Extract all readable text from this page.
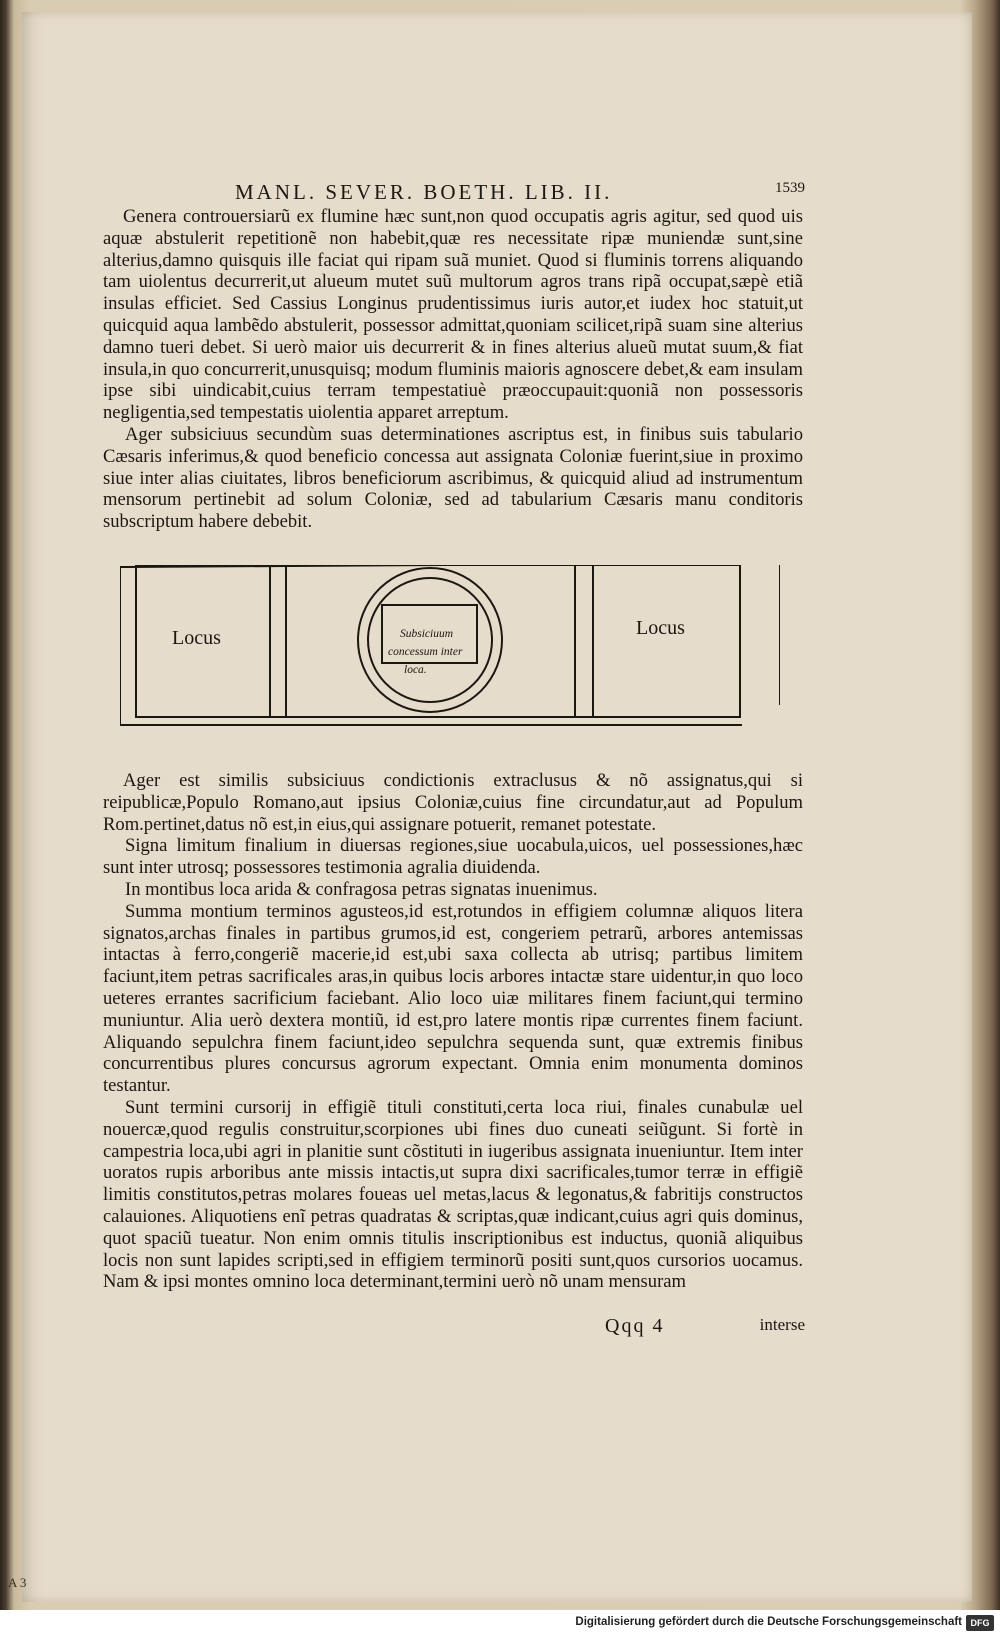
MANL. SEVER. BOETH. LIB. II.	1539

Genera controuersiarũ ex flumine hæc sunt,non quod occupatis agris agitur, sed quod uis aquæ abstulerit repetitionẽ non habebit,quæ res necessitate ripæ muniendæ sunt,sine alterius,damno quisquis ille faciat qui ripam suã muniet. Quod si fluminis torrens aliquando tam uiolentus decurrerit,ut alueum mutet suũ multorum agros trans ripã occupat,sæpè etiã insulas efficiet. Sed Cassius Longinus prudentissimus iuris autor,et iudex hoc statuit,ut quicquid aqua lambẽdo abstulerit, possessor admittat,quoniam scilicet,ripã suam sine alterius damno tueri debet. Si uerò maior uis decurrerit & in fines alterius alueũ mutat suum,& fiat insula,in quo concurrerit,unusquisq; modum fluminis maioris agnoscere debet,& eam insulam ipse sibi uindicabit,cuius terram tempestatiuè præoccupauit:quoniã non possessoris negligentia,sed tempestatis uiolentia apparet arreptum.

Ager subsiciuus secundùm suas determinationes ascriptus est, in finibus suis tabulario Cæsaris inferimus,& quod beneficio concessa aut assignata Coloniæ fuerint,siue in proximo siue inter alias ciuitates, libros beneficiorum ascribimus, & quicquid aliud ad instrumentum mensorum pertinebit ad solum Coloniæ, sed ad tabularium Cæsaris manu conditoris subscriptum habere debebit.

Locus	Locus
Subsiciuum
concessum inter
loca.

Ager est similis subsiciuus condictionis extraclusus & nõ assignatus,qui si reipublicæ,Populo Romano,aut ipsius Coloniæ,cuius fine circundatur,aut ad Populum Rom.pertinet,datus nõ est,in eius,qui assignare potuerit, remanet potestate.

Signa limitum finalium in diuersas regiones,siue uocabula,uicos, uel possessiones,hæc sunt inter utrosq; possessores testimonia agralia diuidenda.

In montibus loca arida & confragosa petras signatas inuenimus.

Summa montium terminos agusteos,id est,rotundos in effigiem columnæ aliquos litera signatos,archas finales in partibus grumos,id est, congeriem petrarũ, arbores antemissas intactas à ferro,congeriẽ macerie,id est,ubi saxa collecta ab utrisq; partibus limitem faciunt,item petras sacrificales aras,in quibus locis arbores intactæ stare uidentur,in quo loco ueteres errantes sacrificium faciebant. Alio loco uiæ militares finem faciunt,qui termino muniuntur. Alia uerò dextera montiũ, id est,pro latere montis ripæ currentes finem faciunt. Aliquando sepulchra finem faciunt,ideo sepulchra sequenda sunt, quæ extremis finibus concurrentibus plures concursus agrorum expectant. Omnia enim monumenta dominos testantur.

Sunt termini cursorij in effigiẽ tituli constituti,certa loca riui, finales cunabulæ uel nouercæ,quod regulis construitur,scorpiones ubi fines duo cuneati seiũgunt. Si fortè in campestria loca,ubi agri in planitie sunt cõstituti in iugeribus assignata inueniuntur. Item inter uoratos rupis arboribus ante missis intactis,ut supra dixi sacrificales,tumor terræ in effigiẽ limitis constitutos,petras molares foueas uel metas,lacus & legonatus,& fabritijs constructos calauiones. Aliquotiens enĩ petras quadratas & scriptas,quæ indicant,cuius agri quis dominus, quot spaciũ tueatur. Non enim omnis titulis inscriptionibus est inductus, quoniã aliquibus locis non sunt lapides scripti,sed in effigiem terminorũ positi sunt,quos cursorios uocamus. Nam & ipsi montes omnino loca determinant,termini uerò nõ unam mensuram

Qqq 4	interse
A 3
Digitalisierung gefördert durch die Deutsche Forschungsgemeinschaft DFG
